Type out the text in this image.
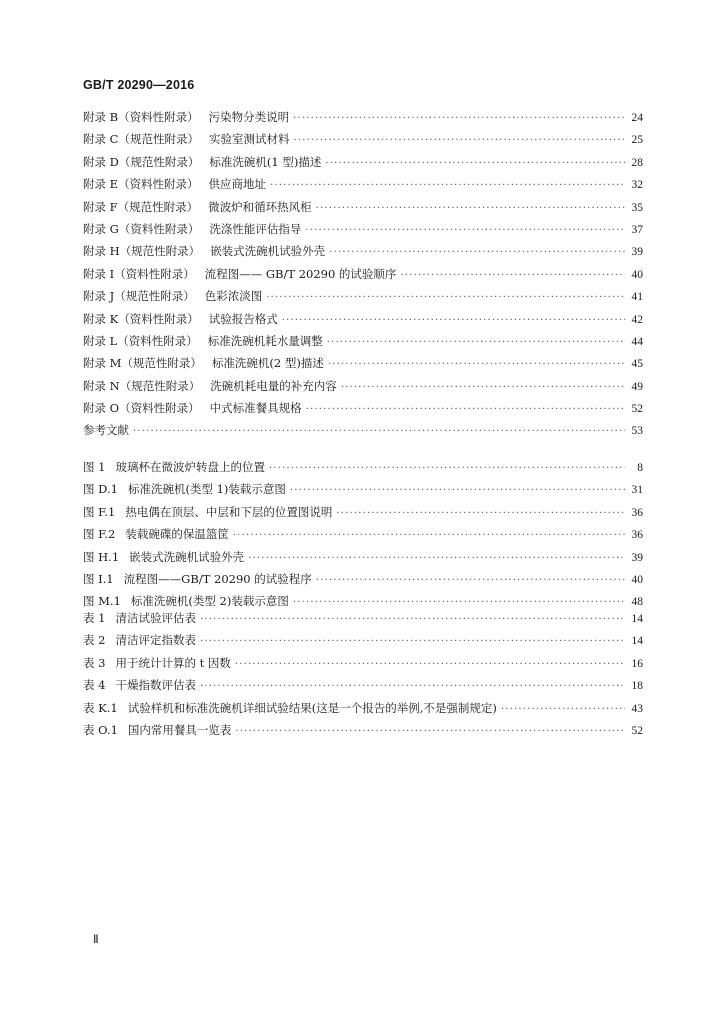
GB/T 20290—2016
附录 B（资料性附录） 污染物分类说明 ·····	24
附录 C（规范性附录） 实验室测试材料 ·····	25
附录 D（规范性附录） 标准洗碗机(1 型)描述 ·····	28
附录 E（资料性附录） 供应商地址 ·····	32
附录 F（规范性附录） 微波炉和循环热风柜 ·····	35
附录 G（资料性附录） 洗涤性能评估指导 ·····	37
附录 H（规范性附录） 嵌装式洗碗机试验外壳 ·····	39
附录 I（资料性附录） 流程图—— GB/T 20290 的试验顺序 ·····	40
附录 J（规范性附录） 色彩浓淡图 ·····	41
附录 K（资料性附录） 试验报告格式 ·····	42
附录 L（资料性附录） 标准洗碗机耗水量调整 ·····	44
附录 M（规范性附录） 标准洗碗机(2 型)描述 ·····	45
附录 N（规范性附录） 洗碗机耗电量的补充内容 ·····	49
附录 O（资料性附录） 中式标准餐具规格 ·····	52
参考文献 ·····	53
图 1 玻璃杯在微波炉转盘上的位置 ·····	8
图 D.1 标准洗碗机(类型 1)装载示意图 ·····	31
图 F.1 热电偶在顶层、中层和下层的位置图说明 ·····	36
图 F.2 装载碗碟的保温篮筐 ·····	36
图 H.1 嵌装式洗碗机试验外壳 ·····	39
图 I.1 流程图——GB/T 20290 的试验程序 ·····	40
图 M.1 标准洗碗机(类型 2)装载示意图 ·····	48
表 1 清洁试验评估表 ·····	14
表 2 清洁评定指数表 ·····	14
表 3 用于统计计算的 t 因数 ·····	16
表 4 干燥指数评估表 ·····	18
表 K.1 试验样机和标准洗碗机详细试验结果(这是一个报告的举例,不是强制规定) ·····	43
表 O.1 国内常用餐具一览表 ·····	52
Ⅱ
